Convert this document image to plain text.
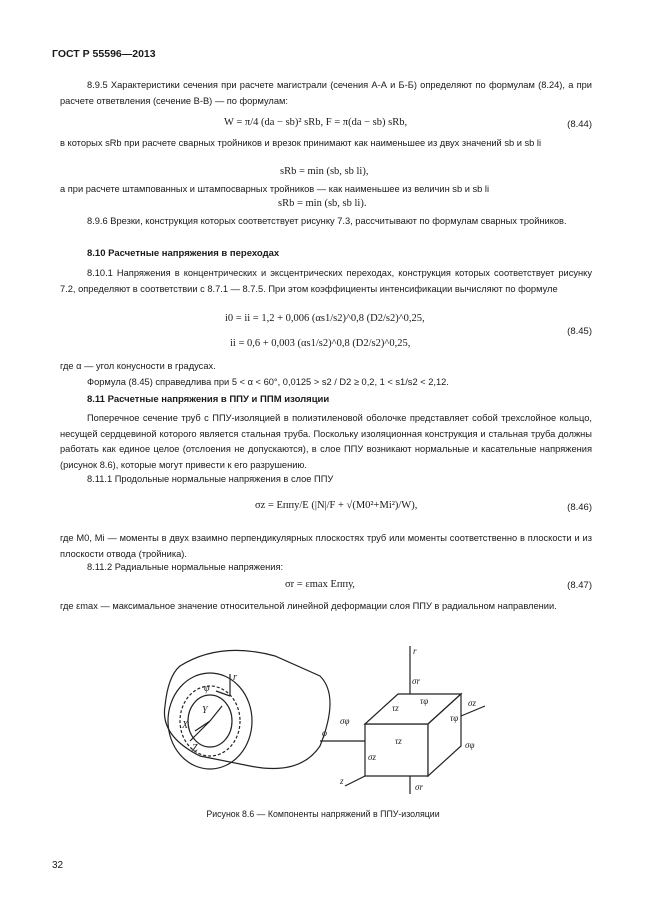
ГОСТ Р 55596—2013
8.9.5 Характеристики сечения при расчете магистрали (сечения А-А и Б-Б) определяют по формулам (8.24), а при расчете ответвления (сечение В-В) — по формулам:
W = π/4 (da − sb)² sRb, F = π(da − sb) sRb,	(8.44)
в которых sRb при расчете сварных тройников и врезок принимают как наименьшее из двух значений sb и sb li
sRb = min (sb, sb li),
а при расчете штампованных и штампосварных тройников — как наименьшее из величин sb и sb li
sRb = min (sb, sb li).
8.9.6 Врезки, конструкция которых соответствует рисунку 7.3, рассчитывают по формулам сварных тройников.
8.10 Расчетные напряжения в переходах
8.10.1 Напряжения в концентрических и эксцентрических переходах, конструкция которых соответствует рисунку 7.2, определяют в соответствии с 8.7.1 — 8.7.5. При этом коэффициенты интенсификации вычисляют по формуле
i0 = ii = 1,2 + 0,006 (αs1/s2)^0,8 (D2/s2)^0,25,
ii = 0,6 + 0,003 (αs1/s2)^0,8 (D2/s2)^0,25,
(8.45)
где α — угол конусности в градусах.
Формула (8.45) справедлива при 5 < α < 60°, 0,0125 > s2 / D2 ≥ 0,2, 1 < s1/s2 < 2,12.
8.11 Расчетные напряжения в ППУ и ППМ изоляции
Поперечное сечение труб с ППУ-изоляцией в полиэтиленовой оболочке представляет собой трехслойное кольцо, несущей сердцевиной которого является стальная труба. Поскольку изоляционная конструкция и стальная труба должны работать как единое целое (отслоения не допускаются), в слое ППУ возникают нормальные и касательные напряжения (рисунок 8.6), которые могут привести к его разрушению.
8.11.1 Продольные нормальные напряжения в слое ППУ
σz = Eппу/E (|N|/F + √(M0²+Mi²)/W),	(8.46)
где M0, Mi — моменты в двух взаимно перпендикулярных плоскостях труб или моменты соответственно в плоскости и из плоскости отвода (тройника).
8.11.2 Радиальные нормальные напряжения:
σr = εmax Eппу,	(8.47)
где εmax — максимальное значение относительной линейной деформации слоя ППУ в радиальном направлении.
r
φ
Y
X
Z
r
σr
σr
φ
σφ
σφ
σz
σz
τz
τz
τφ
τφ
z
Рисунок 8.6 — Компоненты напряжений в ППУ-изоляции
32
